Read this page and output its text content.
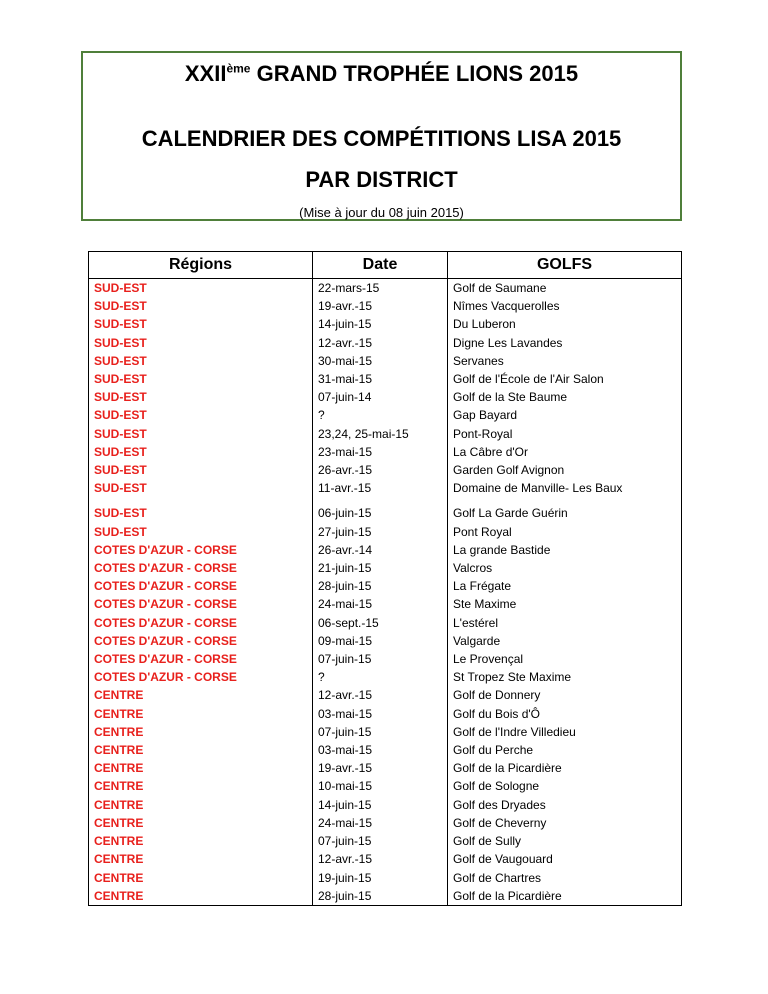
XXIIème GRAND TROPHÉE LIONS 2015
CALENDRIER DES COMPÉTITIONS LISA 2015
PAR DISTRICT
(Mise à jour du 08 juin 2015)
Régions	Date	GOLFS
SUD-EST	22-mars-15	Golf de Saumane
SUD-EST	19-avr.-15	Nîmes Vacquerolles
SUD-EST	14-juin-15	Du Luberon
SUD-EST	12-avr.-15	Digne Les Lavandes
SUD-EST	30-mai-15	Servanes
SUD-EST	31-mai-15	Golf de l'École de l'Air Salon
SUD-EST	07-juin-14	Golf de la Ste Baume
SUD-EST	?	Gap Bayard
SUD-EST	23,24, 25-mai-15	Pont-Royal
SUD-EST	23-mai-15	La Câbre d'Or
SUD-EST	26-avr.-15	Garden Golf Avignon
SUD-EST	11-avr.-15	Domaine de Manville- Les Baux

SUD-EST	06-juin-15	Golf La Garde Guérin
SUD-EST	27-juin-15	Pont Royal
COTES D'AZUR - CORSE	26-avr.-14	La grande Bastide
COTES D'AZUR - CORSE	21-juin-15	Valcros
COTES D'AZUR - CORSE	28-juin-15	La Frégate
COTES D'AZUR - CORSE	24-mai-15	Ste Maxime
COTES D'AZUR - CORSE	06-sept.-15	L'estérel
COTES D'AZUR - CORSE	09-mai-15	Valgarde
COTES D'AZUR - CORSE	07-juin-15	Le Provençal
COTES D'AZUR - CORSE	?	St Tropez Ste Maxime
CENTRE	12-avr.-15	Golf de Donnery
CENTRE	03-mai-15	Golf du Bois d'Ô
CENTRE	07-juin-15	Golf de l'Indre Villedieu
CENTRE	03-mai-15	Golf du Perche
CENTRE	19-avr.-15	Golf de la Picardière
CENTRE	10-mai-15	Golf de Sologne
CENTRE	14-juin-15	Golf des Dryades
CENTRE	24-mai-15	Golf de Cheverny
CENTRE	07-juin-15	Golf de Sully
CENTRE	12-avr.-15	Golf de Vaugouard
CENTRE	19-juin-15	Golf de Chartres
CENTRE	28-juin-15	Golf de la Picardière
